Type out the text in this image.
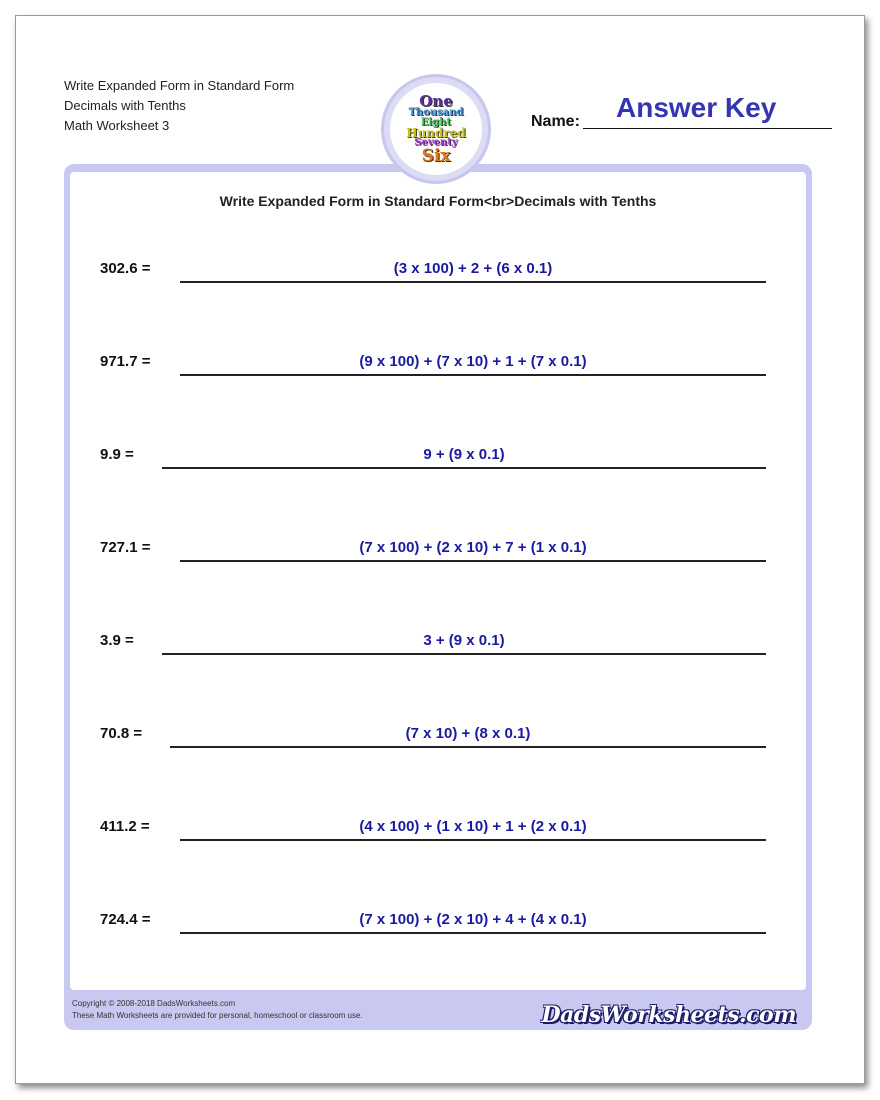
Write Expanded Form in Standard Form
Decimals with Tenths
Math Worksheet 3
One
Thousand
Eight
Hundred
Seventy
Six
Name: Answer Key
Write Expanded Form in Standard Form<br>Decimals with Tenths
302.6 =	(3 x 100) + 2 + (6 x 0.1)
971.7 =	(9 x 100) + (7 x 10) + 1 + (7 x 0.1)
9.9 =	9 + (9 x 0.1)
727.1 =	(7 x 100) + (2 x 10) + 7 + (1 x 0.1)
3.9 =	3 + (9 x 0.1)
70.8 =	(7 x 10) + (8 x 0.1)
411.2 =	(4 x 100) + (1 x 10) + 1 + (2 x 0.1)
724.4 =	(7 x 100) + (2 x 10) + 4 + (4 x 0.1)
Copyright © 2008-2018 DadsWorksheets.com
These Math Worksheets are provided for personal, homeschool or classroom use.	DadsWorksheets.com
